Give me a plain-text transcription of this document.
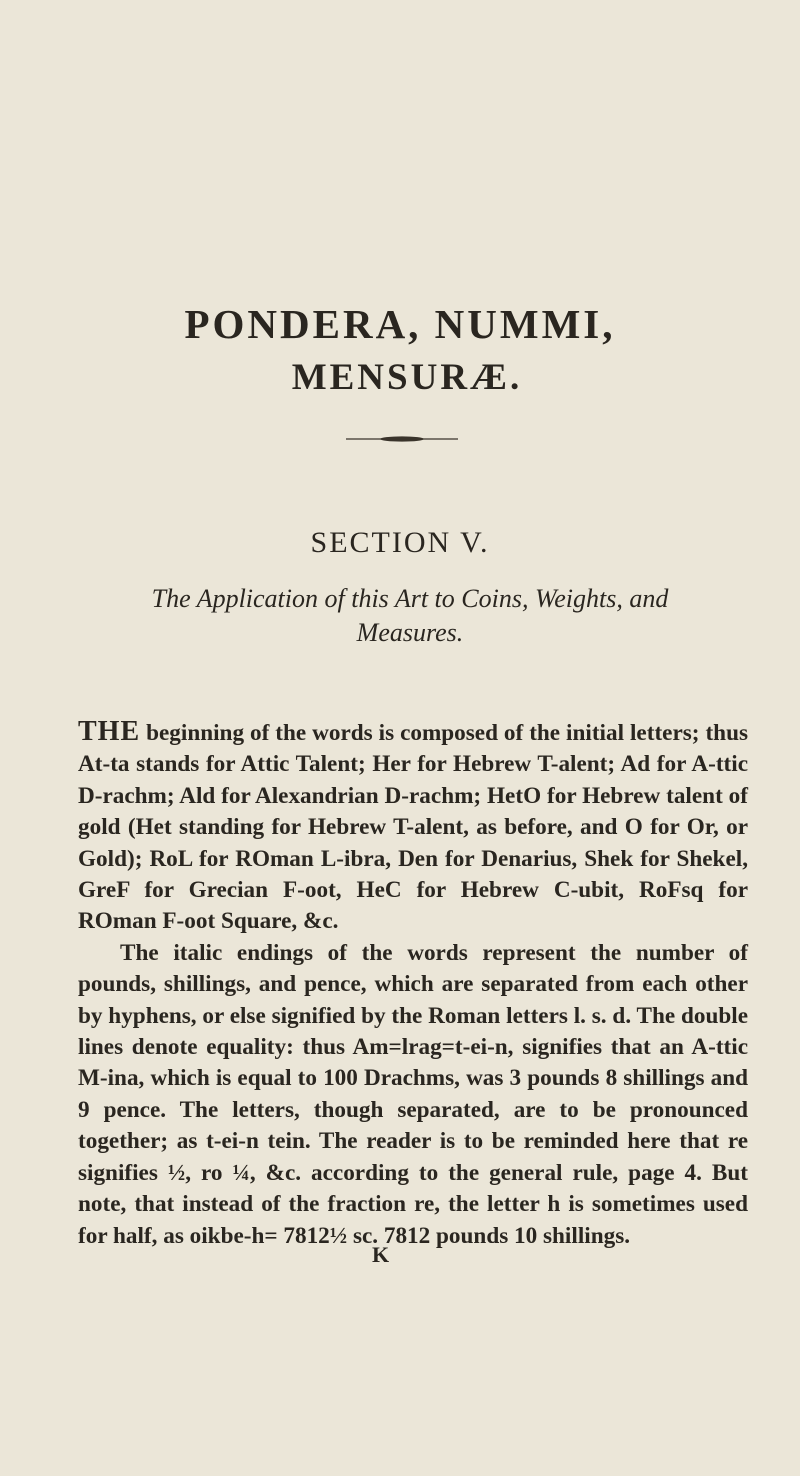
PONDERA, NUMMI,
MENSURÆ.
SECTION V.
The Application of this Art to Coins, Weights, and Measures.

THE beginning of the words is composed of the initial letters; thus At-ta stands for Attic Talent; Her for Hebrew T-alent; Ad for A-ttic D-rachm; Ald for Alexandrian D-rachm; HetO for Hebrew talent of gold (Het standing for Hebrew T-alent, as before, and O for Or, or Gold); RoL for ROman L-ibra, Den for Denarius, Shek for Shekel, GreF for Grecian F-oot, HeC for Hebrew C-ubit, RoFsq for ROman F-oot Square, &c.

The italic endings of the words represent the number of pounds, shillings, and pence, which are separated from each other by hyphens, or else signified by the Roman letters l. s. d. The double lines denote equality: thus Am=lrag=t-ei-n, signifies that an A-ttic M-ina, which is equal to 100 Drachms, was 3 pounds 8 shillings and 9 pence. The letters, though separated, are to be pronounced together; as t-ei-n tein. The reader is to be reminded here that re signifies ½, ro ¼, &c. according to the general rule, page 4. But note, that instead of the fraction re, the letter h is sometimes used for half, as oikbe-h= 7812½ sc. 7812 pounds 10 shillings.

K
